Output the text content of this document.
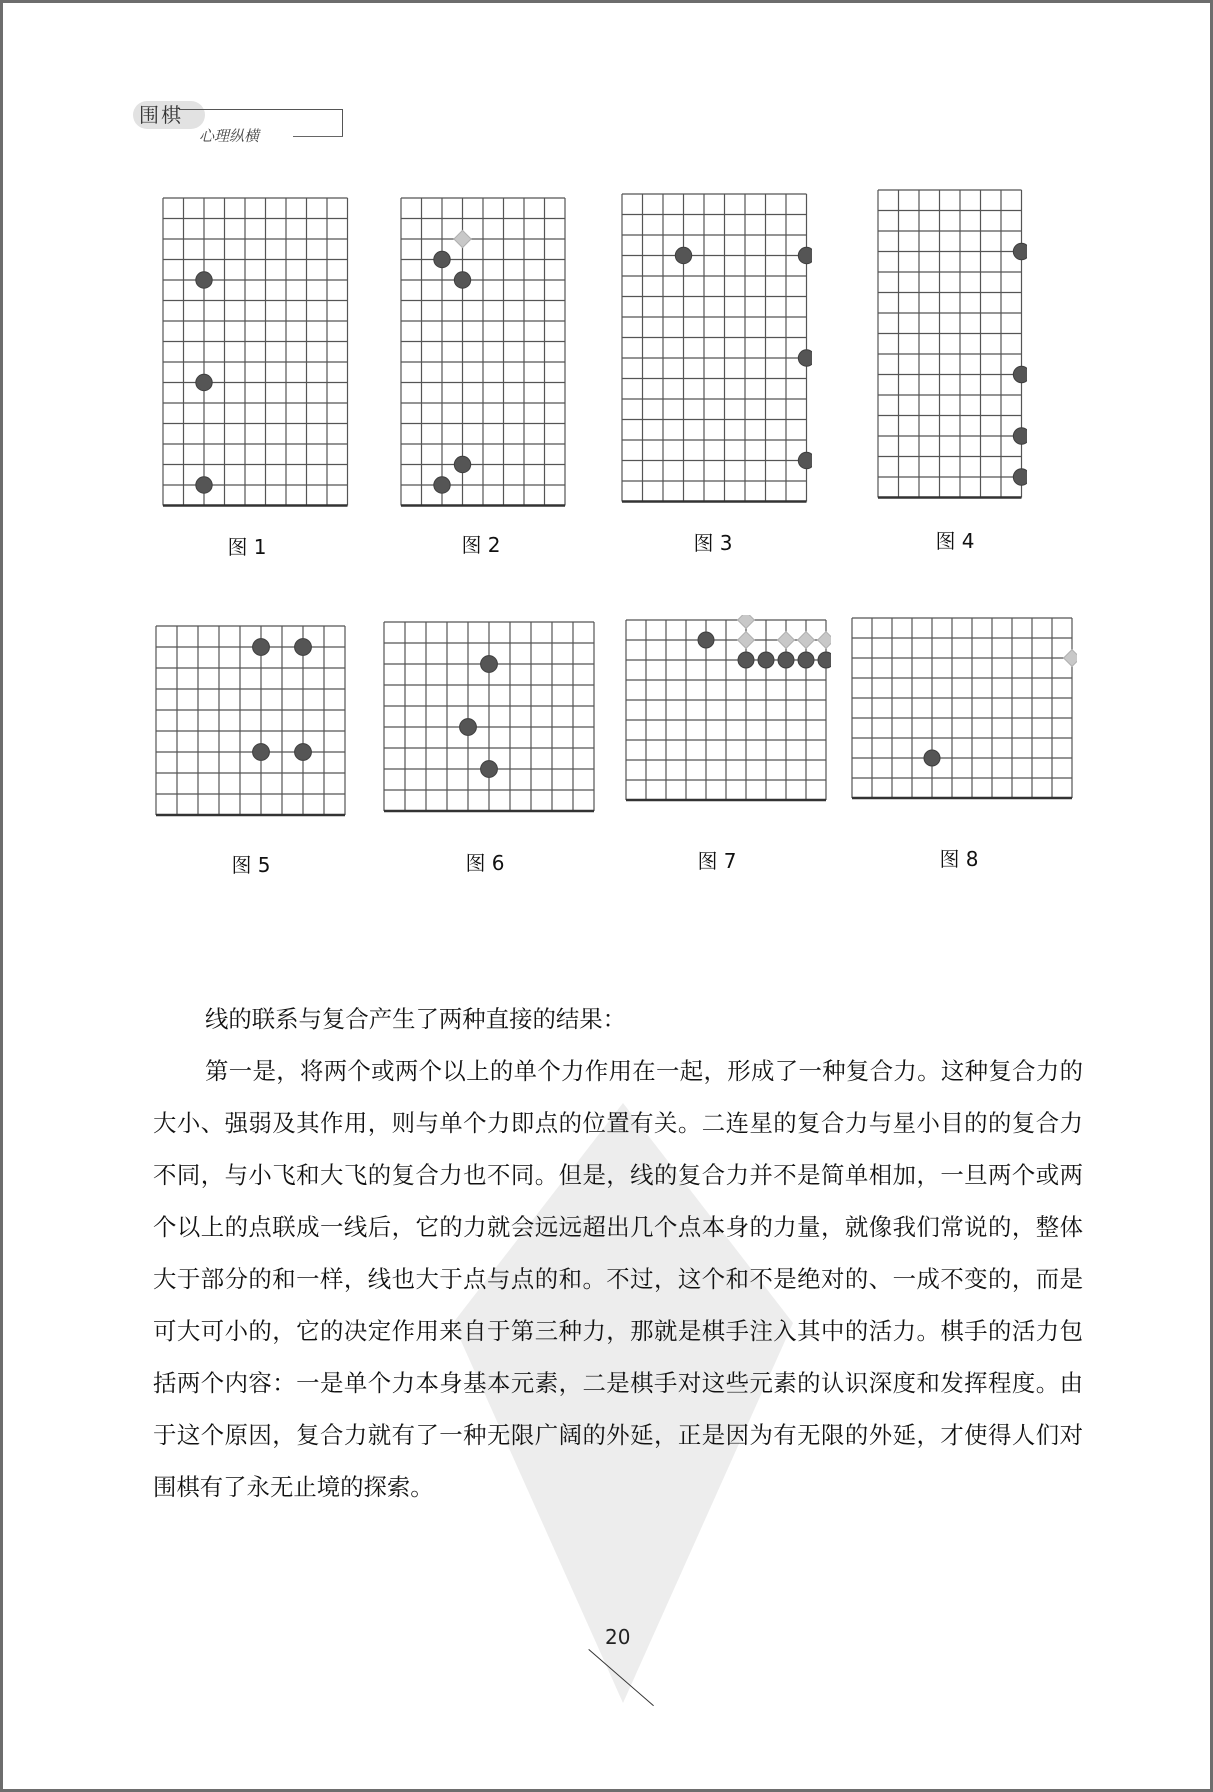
围棋
心理纵横
图 1	图 2	图 3	图 4
图 5	图 6	图 7	图 8

线的联系与复合产生了两种直接的结果：

第一是，将两个或两个以上的单个力作用在一起，形成了一种复合力。这种复合力的大小、强弱及其作用，则与单个力即点的位置有关。二连星的复合力与星小目的的复合力不同，与小飞和大飞的复合力也不同。但是，线的复合力并不是简单相加，一旦两个或两个以上的点联成一线后，它的力就会远远超出几个点本身的力量，就像我们常说的，整体大于部分的和一样，线也大于点与点的和。不过，这个和不是绝对的、一成不变的，而是可大可小的，它的决定作用来自于第三种力，那就是棋手注入其中的活力。棋手的活力包括两个内容：一是单个力本身基本元素，二是棋手对这些元素的认识深度和发挥程度。由于这个原因，复合力就有了一种无限广阔的外延，正是因为有无限的外延，才使得人们对围棋有了永无止境的探索。

20
